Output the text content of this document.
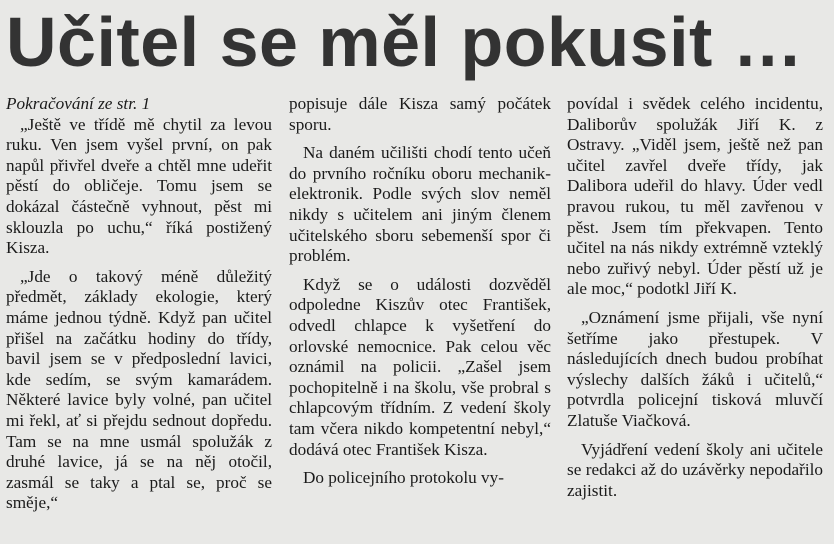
Učitel se měl pokusit …
Pokračování ze str. 1

„Ještě ve třídě mě chytil za levou ruku. Ven jsem vyšel první, on pak napůl přivřel dveře a chtěl mne udeřit pěstí do obličeje. Tomu jsem se dokázal částečně vyhnout, pěst mi sklouzla po uchu,“ říká postižený Kisza.

„Jde o takový méně důležitý předmět, základy ekologie, který máme jednou týdně. Když pan učitel přišel na začátku hodiny do třídy, bavil jsem se v předposlední lavici, kde sedím, se svým kamarádem. Některé lavice byly volné, pan učitel mi řekl, ať si přejdu sednout dopředu. Tam se na mne usmál spolužák z druhé lavice, já se na něj otočil, zasmál se taky a ptal se, proč se směje,“

popisuje dále Kisza samý počátek sporu.

Na daném učilišti chodí tento učeň do prvního ročníku oboru mechanik-elektronik. Podle svých slov neměl nikdy s učitelem ani jiným členem učitelského sboru sebemenší spor či problém.

Když se o události dozvěděl odpoledne Kiszův otec František, odvedl chlapce k vyšetření do orlovské nemocnice. Pak celou věc oznámil na policii. „Zašel jsem pochopitelně i na školu, vše probral s chlapcovým třídním. Z vedení školy tam včera nikdo kompetentní nebyl,“ dodává otec František Kisza.

Do policejního protokolu vy-

povídal i svědek celého incidentu, Daliborův spolužák Jiří K. z Ostravy. „Viděl jsem, ještě než pan učitel zavřel dveře třídy, jak Dalibora udeřil do hlavy. Úder vedl pravou rukou, tu měl zavřenou v pěst. Jsem tím překvapen. Tento učitel na nás nikdy extrémně vzteklý nebo zuřivý nebyl. Úder pěstí už je ale moc,“ podotkl Jiří K.

„Oznámení jsme přijali, vše nyní šetříme jako přestupek. V následujících dnech budou probíhat výslechy dalších žáků i učitelů,“ potvrdla policejní tisková mluvčí Zlatuše Viačková.

Vyjádření vedení školy ani učitele se redakci až do uzávěrky nepodařilo zajistit.
